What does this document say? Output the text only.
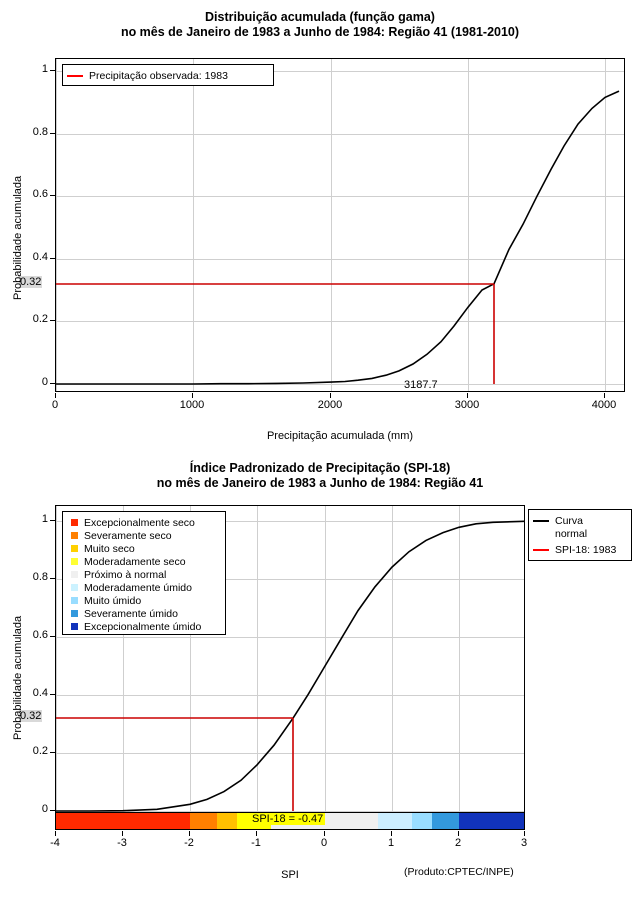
Distribuição acumulada (função gama)
no mês de Janeiro de 1983 a Junho de 1984: Região 41 (1981-2010)
Precipitação observada: 1983
0
0.2
0.4
0.6
0.8
1
0.32
0	1000	2000	3000	4000
3187.7
Precipitação acumulada (mm)
Probabilidade acumulada
Índice Padronizado de Precipitação (SPI-18)
no mês de Janeiro de 1983 a Junho de 1984: Região 41
Excepcionalmente seco
Severamente seco
Muito seco
Moderadamente seco
Próximo à normal
Moderadamente úmido
Muito úmido
Severamente úmido
Excepcionalmente úmido
Curva
normal
SPI-18: 1983
0
0.2
0.4
0.6
0.8
1
0.32
SPI-18 = -0.47
-4	-3	-2	-1	0	1	2	3
SPI
Probabilidade acumulada
(Produto:CPTEC/INPE)
